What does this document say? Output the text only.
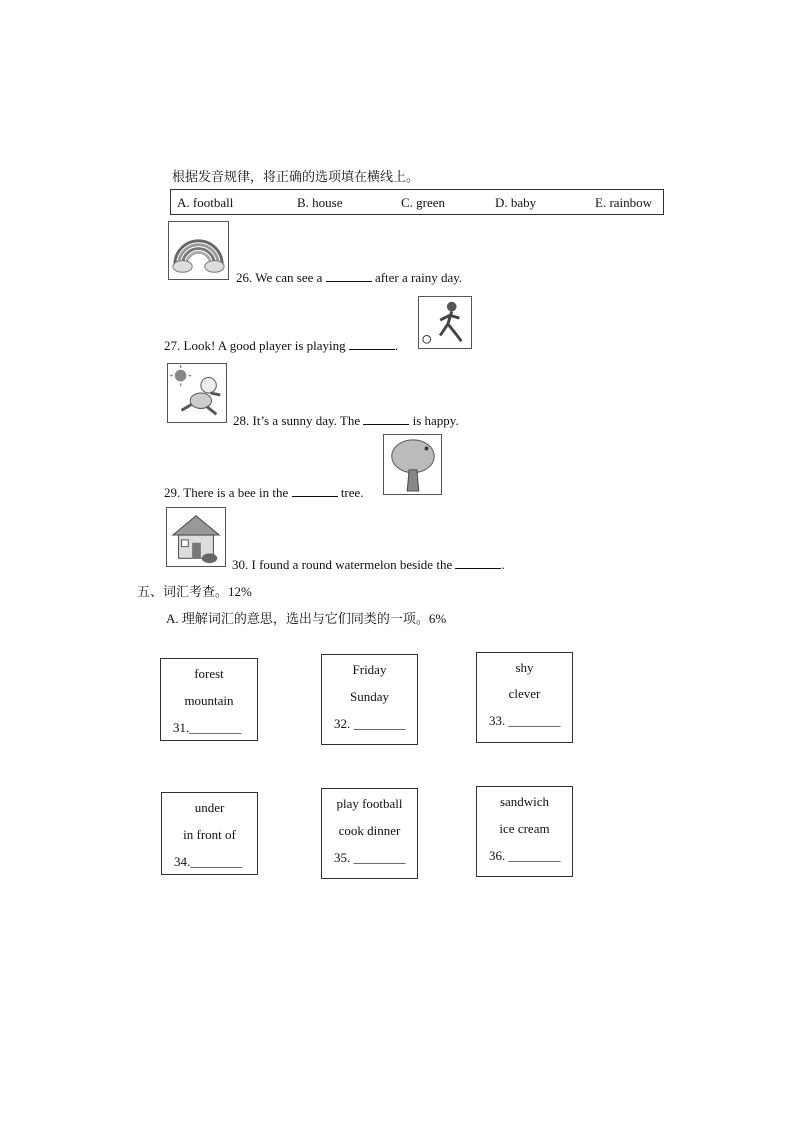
根据发音规律，将正确的选项填在横线上。
A. football	B. house	C. green	D. baby	E. rainbow
26. We can see a	after a rainy day.
27. Look! A good player is playing	.
28. It’s a sunny day. The	is happy.
29. There is a bee in the	tree.
30. I found a round watermelon beside the	.
五、词汇考查。12%
A. 理解词汇的意思，选出与它们同类的一项。6%
forest
mountain
31.________
Friday
Sunday
32. ________
shy
clever
33. ________
under
in front of
34.________
play football
cook dinner
35. ________
sandwich
ice cream
36. ________
